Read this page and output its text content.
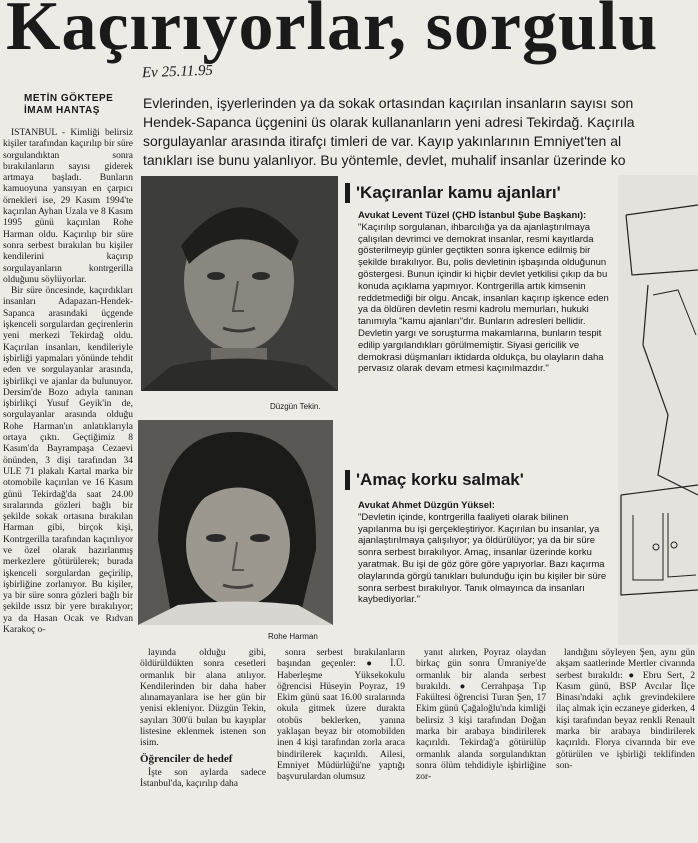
Kaçırıyorlar, sorgulu
Ev 25.11.95
METİN GÖKTEPE
İMAM HANTAŞ	Evlerinden, işyerlerinden ya da sokak ortasından kaçırılan insanların sayısı son
Hendek-Sapanca üçgenini üs olarak kullananların yeni adresi Tekirdağ. Kaçırıla
sorgulayanlar arasında itirafçı timleri de var. Kayıp yakınlarının Emniyet'ten al
tanıkları ise bunu yalanlıyor. Bu yöntemle, devlet, muhalif insanlar üzerinde ko

İSTANBUL - Kimliği belirsiz kişiler tarafından kaçırılıp bir süre sorgulandıktan sonra bırakılanların sayısı giderek artmaya başladı. Bunların kamuoyuna yansıyan en çarpıcı örnekleri ise, 29 Kasım 1994'te kaçırılan Ayhan Uzala ve 8 Kasım 1995 günü kaçırılan Rohe Harman oldu. Kaçırılıp bir süre sonra serbest bırakılan bu kişiler kendilerini kaçırıp sorgulayanların kontrgerilla olduğunu söylüyorlar.

Bir süre öncesinde, kaçırdıkları insanları Adapazarı-Hendek-Sapanca arasındaki üçgende işkenceli sorgulardan geçirenlerin yeni merkezi Tekirdağ oldu. Kaçırılan insanları, kendileriyle işbirliği yapmaları yönünde tehdit eden ve sorgulayanlar arasında, işbirlikçi ve ajanlar da bulunuyor. Dersim'de Bozo adıyla tanınan işbirlikçi Yusuf Geyik'in de, sorgulayanlar arasında olduğu Rohe Harman'ın anlatıklarıyla ortaya çıktı. Geçtiğimiz 8 Kasım'da Bayrampaşa Cezaevi önünden, 3 dişi tarafından 34 ULE 71 plakalı Kartal marka bir otomobile kaçırılan ve 16 Kasım günü Tekirdağ'da saat 24.00 sıralarında gözleri bağlı bir şekilde sokak ortasına bırakılan Harman gibi, birçok kişi, Kontrgerilla tarafından kaçırılıyor ve özel olarak hazırlanmış merkezlere götürülerek; burada işkenceli sorgulardan geçirilip, işbirliğine zorlanıyor. Bu kişiler, ya bir süre sonra gözleri bağlı bir şekilde ıssız bir yere bırakılıyor; ya da Hasan Ocak ve Rıdvan Karakoç o-

Düzgün Tekin.
Rohe Harman
'Kaçıranlar kamu ajanları'
Avukat Levent Tüzel (ÇHD İstanbul Şube Başkanı):
"Kaçırılıp sorgulanan, ihbarcılığa ya da ajanlaştırılmaya çalışılan devrimci ve demokrat insanlar, resmi kayıtlarda gösterilmeyip günler geçtikten sonra işkence edilmiş bir şekilde bırakılıyor. Bu, polis devletinin işbaşında olduğunun göstergesi. Bunun içindir ki hiçbir devlet yetkilisi çıkıp da bu konuda açıklama yapmıyor. Kontrgerilla artık kimsenin reddetmediği bir olgu. Ancak, insanları kaçırıp işkence eden ya da öldüren devletin resmi kadrolu memurları, hukuki tanımıyla "kamu ajanları"dır. Bunların adresleri bellidir. Devletin yargı ve soruşturma makamlarına, bunların tespit edilip yargılandıkları görülmemiştir. Siyasi gericilik ve demokrasi düşmanları iktidarda oldukça, bu olayların daha pervasız olarak devam etmesi kaçınılmazdır."
'Amaç korku salmak'
Avukat Ahmet Düzgün Yüksel:
"Devletin içinde, kontrgerilla faaliyeti olarak bilinen yapılanma bu işi gerçekleştiriyor. Kaçırılan bu insanlar, ya ajanlaştırılmaya çalışılıyor; ya öldürülüyor; ya da bir süre sonra serbest bırakılıyor. Amaç, insanlar üzerinde korku yaratmak. Bu işi de göz göre göre yapıyorlar. Bazı kaçırma olaylarında görgü tanıkları bulunduğu için bu kişiler bir süre sonra serbest bırakılıyor. Tanık olmayınca da insanları kaybediyorlar."

layında olduğu gibi, öldürüldükten sonra cesetleri ormanlık bir alana atılıyor. Kendilerinden bir daha haber alınamayanlara ise her gün bir yenisi ekleniyor. Düzgün Tekin, sayıları 300'ü bulan bu kayıplar listesine eklenmek istenen son isim.

Öğrenciler de hedef

İşte son aylarda sadece İstanbul'da, kaçırılıp daha

sonra serbest bırakılanların başından geçenler: ● İ.Ü. Haberleşme Yüksekokulu öğrencisi Hüseyin Poyraz, 19 Ekim günü saat 16.00 sıralarında okula gitmek üzere durakta otobüs beklerken, yanına yaklaşan beyaz bir otomobilden inen 4 kişi tarafından zorla araca bindirilerek kaçırıldı. Ailesi, Emniyet Müdürlüğü'ne yaptığı başvurulardan olumsuz

yanıt alırken, Poyraz olaydan birkaç gün sonra Ümraniye'de ormanlık bir alanda serbest bırakıldı. ● Cerrahpaşa Tıp Fakültesi öğrencisi Turan Şen, 17 Ekim günü Çağaloğlu'nda kimliği belirsiz 3 kişi tarafından Doğan marka bir arabaya bindirilerek kaçırıldı. Tekirdağ'a götürülüp ormanlık alanda sorgulandıktan sonra ölüm tehdidiyle işbirliğine zor-

landığını söyleyen Şen, aynı gün akşam saatlerinde Mertler civarında serbest bırakıldı: ● Ebru Sert, 2 Kasım günü, BSP Avcılar İlçe Binası'ndaki açlık grevindekilere ilaç almak için eczaneye giderken, 4 kişi tarafından beyaz renkli Renault marka bir arabaya bindirilerek kaçırıldı. Florya civarında bir eve götürülen ve işbirliği teklifinden son-
